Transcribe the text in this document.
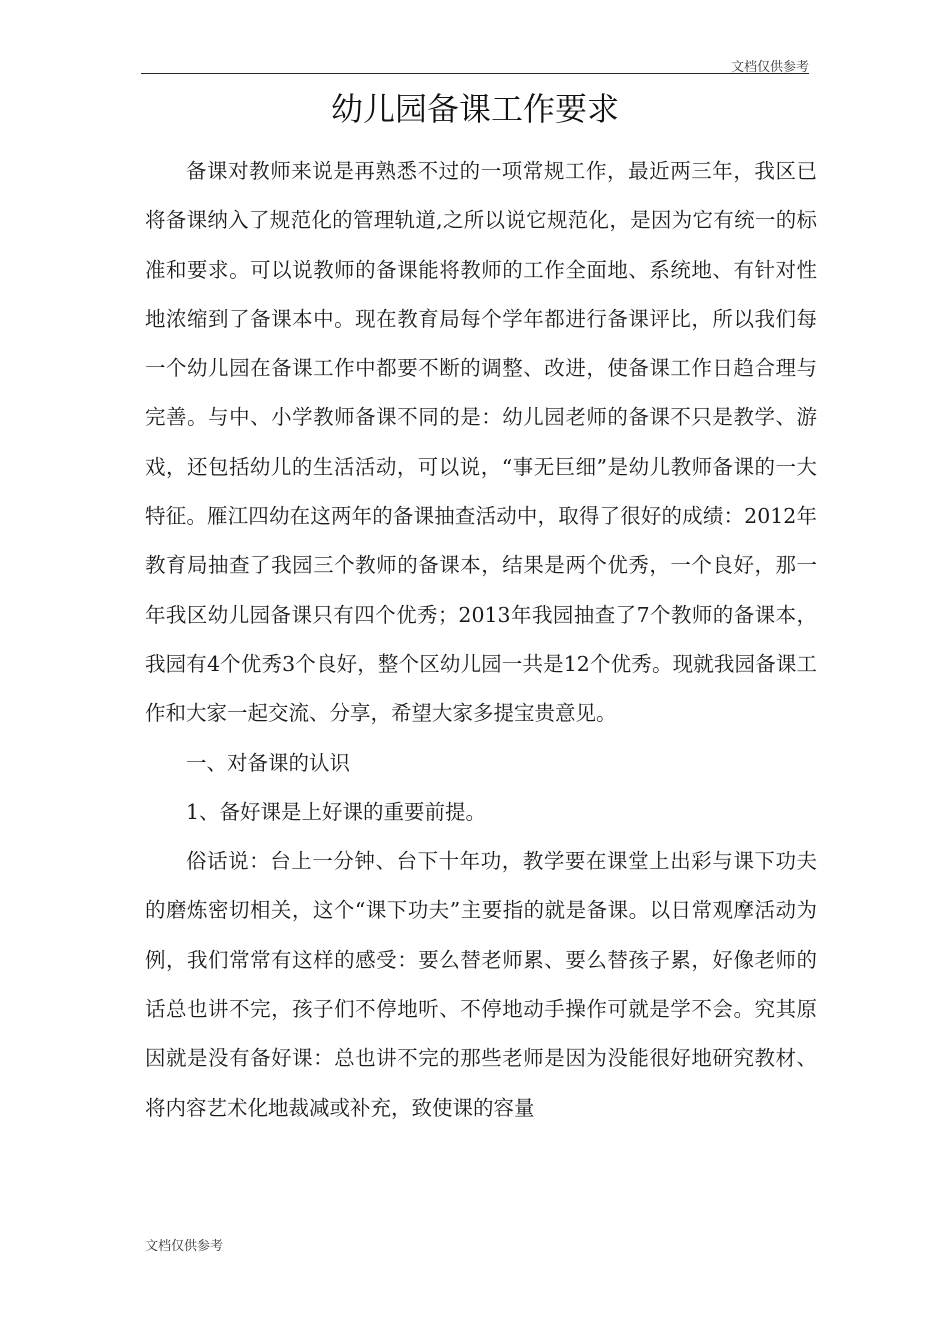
文档仅供参考
幼儿园备课工作要求

备课对教师来说是再熟悉不过的一项常规工作，最近两三年，我区已将备课纳入了规范化的管理轨道,之所以说它规范化，是因为它有统一的标准和要求。可以说教师的备课能将教师的工作全面地、系统地、有针对性地浓缩到了备课本中。现在教育局每个学年都进行备课评比，所以我们每一个幼儿园在备课工作中都要不断的调整、改进，使备课工作日趋合理与完善。与中、小学教师备课不同的是：幼儿园老师的备课不只是教学、游戏，还包括幼儿的生活活动，可以说，“事无巨细”是幼儿教师备课的一大特征。雁江四幼在这两年的备课抽查活动中，取得了很好的成绩：2012年教育局抽查了我园三个教师的备课本，结果是两个优秀，一个良好，那一年我区幼儿园备课只有四个优秀；2013年我园抽查了7个教师的备课本，我园有4个优秀3个良好，整个区幼儿园一共是12个优秀。现就我园备课工作和大家一起交流、分享，希望大家多提宝贵意见。

一、对备课的认识

1、备好课是上好课的重要前提。

俗话说：台上一分钟、台下十年功，教学要在课堂上出彩与课下功夫的磨炼密切相关，这个“课下功夫”主要指的就是备课。以日常观摩活动为例，我们常常有这样的感受：要么替老师累、要么替孩子累，好像老师的话总也讲不完，孩子们不停地听、不停地动手操作可就是学不会。究其原因就是没有备好课：总也讲不完的那些老师是因为没能很好地研究教材、将内容艺术化地裁减或补充，致使课的容量

文档仅供参考
